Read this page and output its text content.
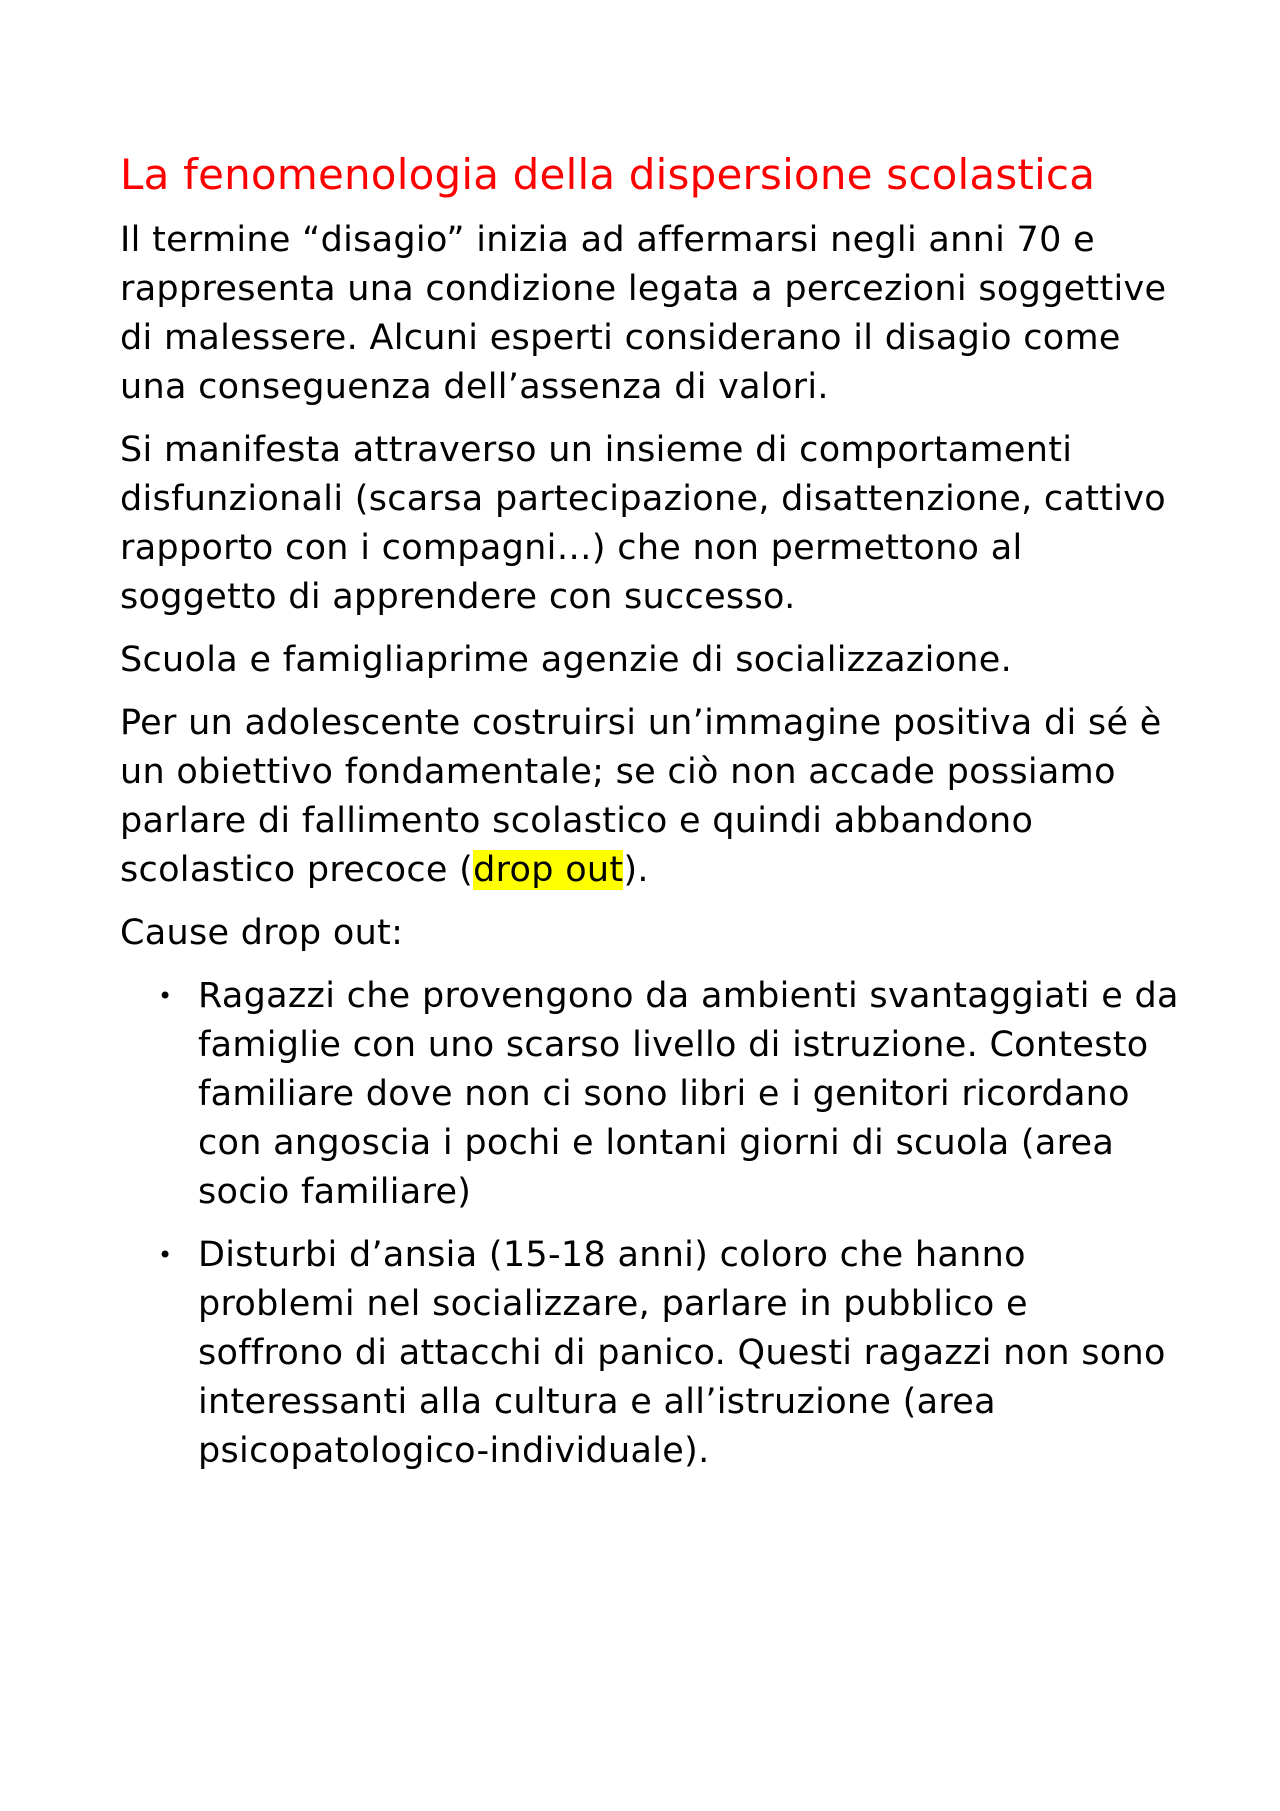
La fenomenologia della dispersione scolastica

Il termine “disagio” inizia ad affermarsi negli anni 70 e rappresenta una condizione legata a percezioni soggettive di malessere. Alcuni esperti considerano il disagio come una conseguenza dell’assenza di valori.

Si manifesta attraverso un insieme di comportamenti disfunzionali (scarsa partecipazione, disattenzione, cattivo rapporto con i compagni…) che non permettono al soggetto di apprendere con successo.

Scuola e famigliaprime agenzie di socializzazione.

Per un adolescente costruirsi un’immagine positiva di sé è un obiettivo fondamentale; se ciò non accade possiamo parlare di fallimento scolastico e quindi abbandono scolastico precoce (drop out).

Cause drop out:

• Ragazzi che provengono da ambienti svantaggiati e da famiglie con uno scarso livello di istruzione. Contesto familiare dove non ci sono libri e i genitori ricordano con angoscia i pochi e lontani giorni di scuola (area socio familiare)
• Disturbi d’ansia (15-18 anni) coloro che hanno problemi nel socializzare, parlare in pubblico e soffrono di attacchi di panico. Questi ragazzi non sono interessanti alla cultura e all’istruzione (area psicopatologico-individuale).
